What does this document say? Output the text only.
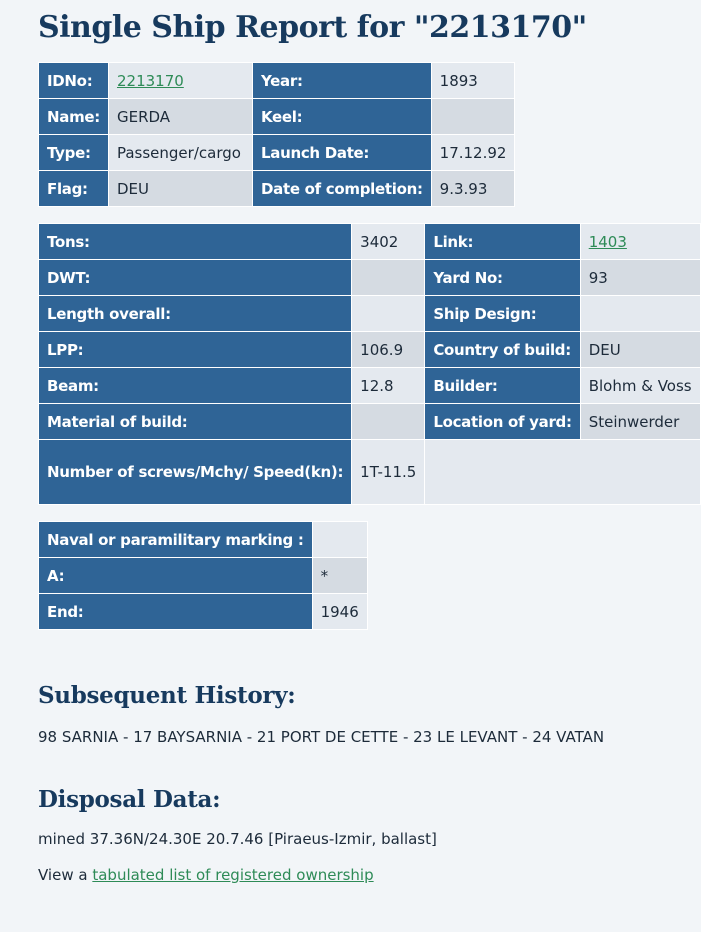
Single Ship Report for "2213170"
IDNo:	2213170	Year:	1893
Name:	GERDA	Keel:	
Type:	Passenger/cargo	Launch Date:	17.12.92
Flag:	DEU	Date of completion:	9.3.93
Tons:	3402	Link:	1403
DWT:		Yard No:	93
Length overall:		Ship Design:	
LPP:	106.9	Country of build:	DEU
Beam:	12.8	Builder:	Blohm & Voss
Material of build:		Location of yard:	Steinwerder
Number of screws/Mchy/ Speed(kn):	1T-11.5		
Naval or paramilitary marking :	
A:	*
End:	1946
Subsequent History:

98 SARNIA - 17 BAYSARNIA - 21 PORT DE CETTE - 23 LE LEVANT - 24 VATAN

Disposal Data:

mined 37.36N/24.30E 20.7.46 [Piraeus-Izmir, ballast]

View a tabulated list of registered ownership
